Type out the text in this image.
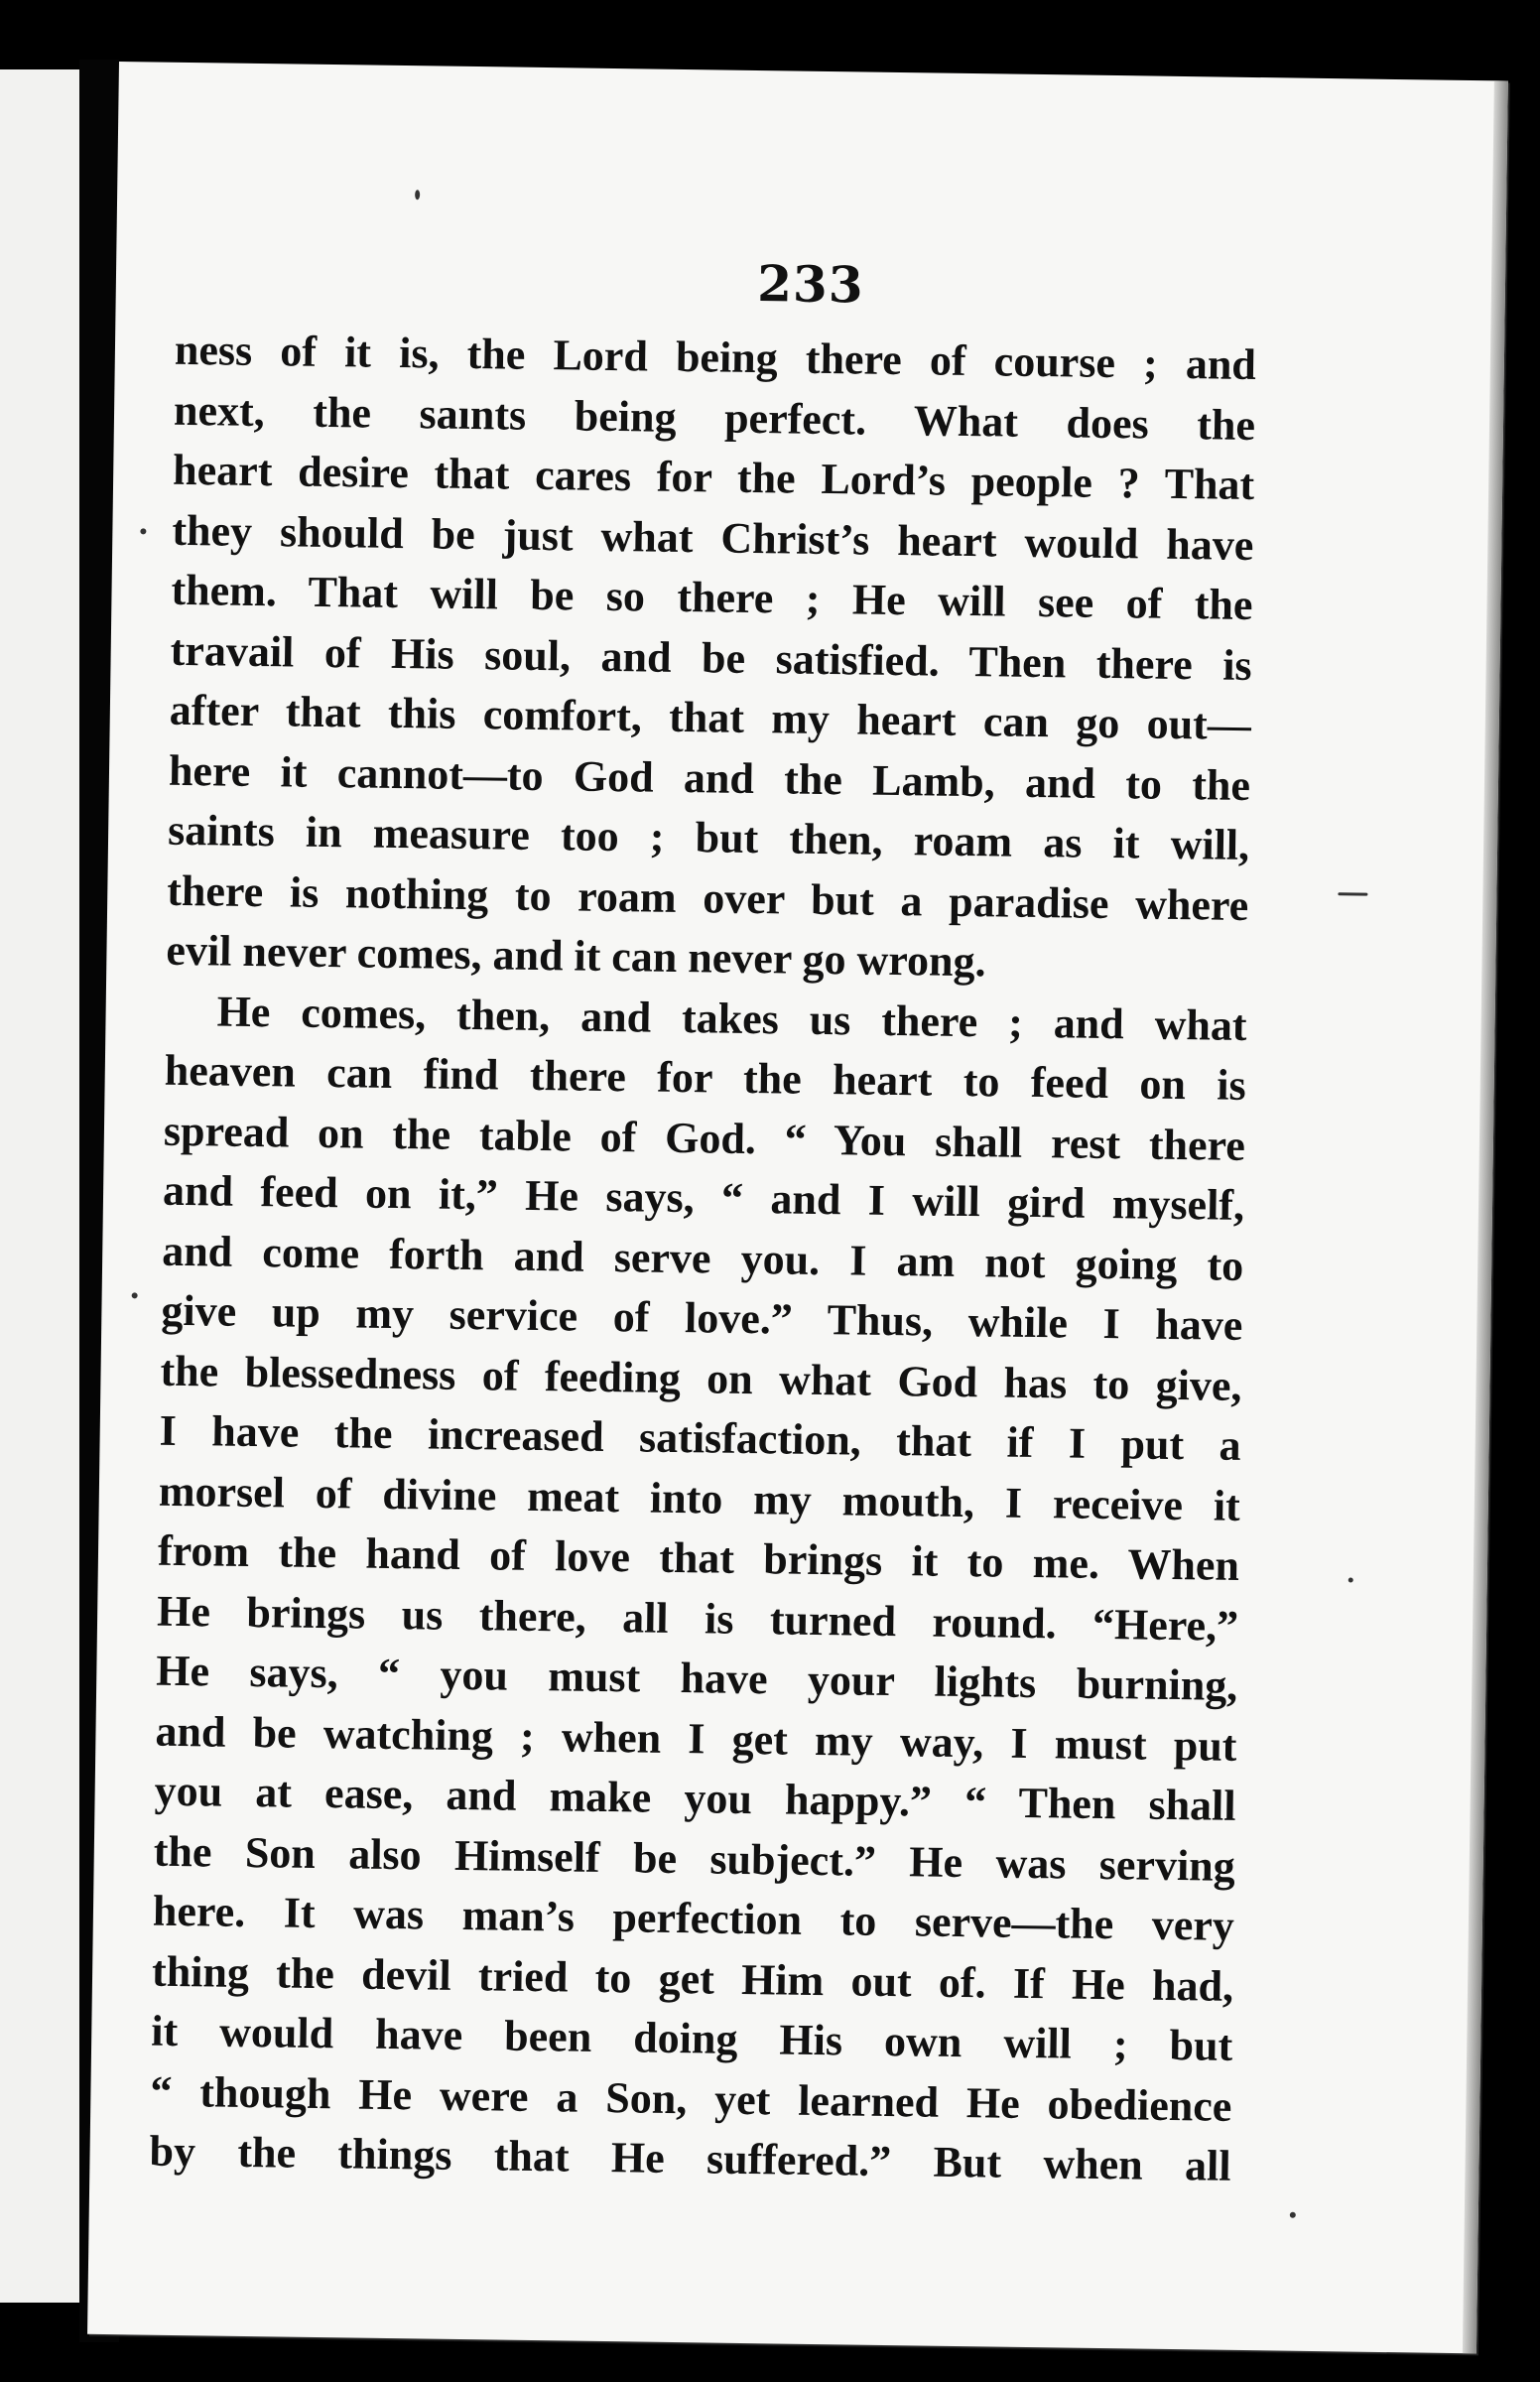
233
ness of it is, the Lord being there of course ; and
next, the saınts being perfect. What does the
heart desire that cares for the Lord’s people ? That
they should be just what Christ’s heart would have
them. That will be so there ; He will see of the
travail of His soul, and be satisfied. Then there is
after that this comfort, that my heart can go out—
here it cannot—to God and the Lamb, and to the
saints in measure too ; but then, roam as it will,
there is nothing to roam over but a paradise where
evil never comes, and it can never go wrong.
He comes, then, and takes us there ; and what
heaven can find there for the heart to feed on is
spread on the table of God. “ You shall rest there
and feed on it,” He says, “ and I will gird myself,
and come forth and serve you. I am not going to
give up my service of love.” Thus, while I have
the blessedness of feeding on what God has to give,
I have the increased satisfaction, that if I put a
morsel of divine meat into my mouth, I receive it
from the hand of love that brings it to me. When
He brings us there, all is turned round. “Here,”
He says, “ you must have your lights burning,
and be watching ; when I get my way, I must put
you at ease, and make you happy.” “ Then shall
the Son also Himself be subject.” He was serving
here. It was man’s perfection to serve—the very
thing the devil tried to get Him out of. If He had,
it would have been doing His own will ; but
“ though He were a Son, yet learned He obedience
by the things that He suffered.” But when all
